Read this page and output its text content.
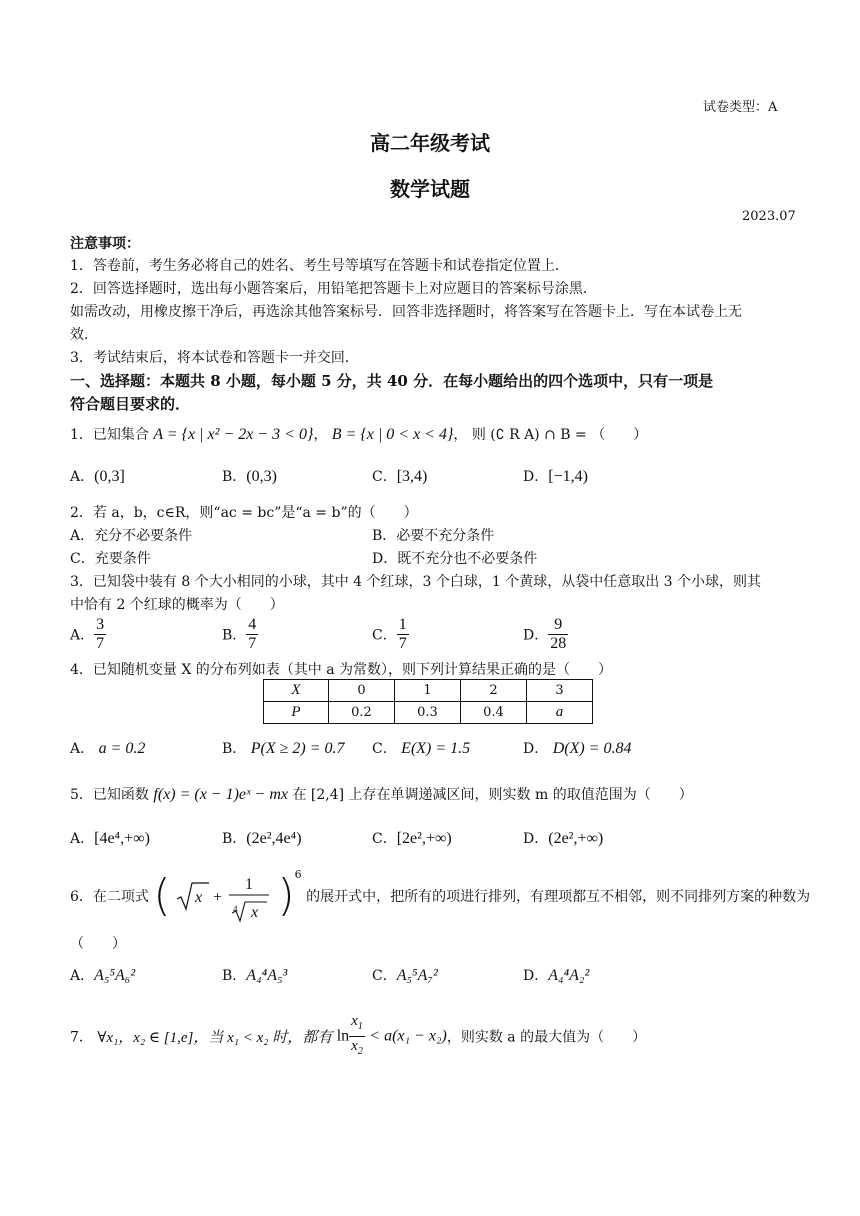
试卷类型：A
高二年级考试
数学试题
2023.07
注意事项：
1．答卷前，考生务必将自己的姓名、考生号等填写在答题卡和试卷指定位置上．
2．回答选择题时，选出每小题答案后，用铅笔把答题卡上对应题目的答案标号涂黑．
如需改动，用橡皮擦干净后，再选涂其他答案标号．回答非选择题时，将答案写在答题卡上．写在本试卷上无
效．
3．考试结束后，将本试卷和答题卡一并交回．
一、选择题：本题共 8 小题，每小题 5 分，共 40 分．在每小题给出的四个选项中，只有一项是
符合题目要求的．
1．已知集合 A = {x | x² − 2x − 3 < 0}， B = {x | 0 < x < 4}， 则 (∁ R A) ∩ B = （　　）
A．(0,3]	B．(0,3)	C．[3,4)	D．[−1,4)
2．若 a，b，c∈R，则“ac = bc”是“a = b”的（　　）
A．充分不必要条件	B．必要不充分条件
C．充要条件	D．既不充分也不必要条件
3．已知袋中装有 8 个大小相同的小球，其中 4 个红球，3 个白球，1 个黄球，从袋中任意取出 3 个小球，则其
中恰有 2 个红球的概率为（　　）
A． $\frac{3}{7}$	B． $\frac{4}{7}$	C． $\frac{1}{7}$	D． $\frac{9}{28}$
4．已知随机变量 X 的分布列如表（其中 a 为常数），则下列计算结果正确的是（　　）
X	0	1	2	3
P	0.2	0.3	0.4	a
A． a = 0.2	B． P(X ≥ 2) = 0.7 C． E(X) = 1.5	D． D(X) = 0.84
5．已知函数 f(x) = (x − 1)eˣ − mx 在 [2,4] 上存在单调递减区间，则实数 m 的取值范围为（　　）
A．[4e⁴,+∞)	B．(2e²,4e⁴)	C．[2e²,+∞)	D．(2e²,+∞)
6．在二项式 ( x +
1
4 x )$^6$ 的展开式中，把所有的项进行排列，有理项都互不相邻，则不同排列方案的种数为
（　　）
A．A₅⁵A₆²	B．A₄⁴A₅³	C．A₅⁵A₇²	D．A₄⁴A₂²
7． ∀x₁，x₂ ∈ [1,e]，当 x₁ < x₂ 时，都有 $\ln \frac{x_1}{x_2} < a(x_1 - x_2)$，则实数 a 的最大值为（　　）
